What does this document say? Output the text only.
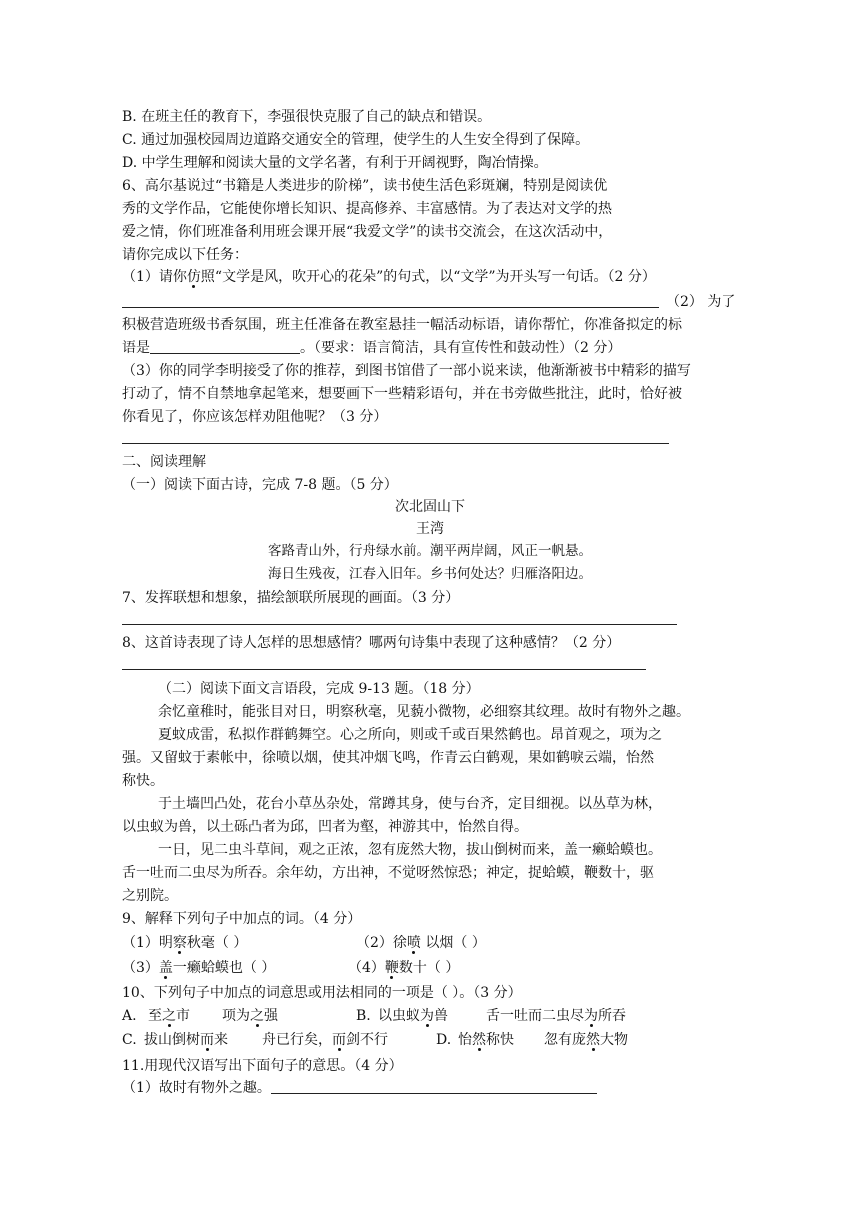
B. 在班主任的教育下，李强很快克服了自己的缺点和错误。
C. 通过加强校园周边道路交通安全的管理，使学生的人生安全得到了保障。
D. 中学生理解和阅读大量的文学名著，有利于开阔视野，陶冶情操。
6、高尔基说过“书籍是人类进步的阶梯”，读书使生活色彩斑斓，特别是阅读优
秀的文学作品，它能使你增长知识、提高修养、丰富感情。为了表达对文学的热
爱之情，你们班准备利用班会课开展“我爱文学”的读书交流会，在这次活动中，
请你完成以下任务：
（1）请你仿照“文学是风，吹开心的花朵”的句式，以“文学”为开头写一句话。（2 分）
（2） 为了
积极营造班级书香氛围，班主任准备在教室悬挂一幅活动标语，请你帮忙，你准备拟定的标
语是	。（要求：语言简洁，具有宣传性和鼓动性）（2 分）
（3）你的同学李明接受了你的推荐，到图书馆借了一部小说来读，他渐渐被书中精彩的描写
打动了，情不自禁地拿起笔来，想要画下一些精彩语句，并在书旁做些批注，此时，恰好被
你看见了，你应该怎样劝阻他呢？（3 分）
二、阅读理解
（一）阅读下面古诗，完成 7-8 题。（5 分）
次北固山下
王湾
客路青山外，行舟绿水前。潮平两岸阔，风正一帆悬。
海日生残夜，江春入旧年。乡书何处达？归雁洛阳边。
7、发挥联想和想象，描绘颔联所展现的画面。（3 分）
8、这首诗表现了诗人怎样的思想感情？哪两句诗集中表现了这种感情？（2 分）
（二）阅读下面文言语段，完成 9-13 题。（18 分）
余忆童稚时，能张目对日，明察秋毫，见藐小微物，必细察其纹理。故时有物外之趣。
夏蚊成雷，私拟作群鹤舞空。心之所向，则或千或百果然鹤也。昂首观之，项为之
强。又留蚊于素帐中，徐喷以烟，使其冲烟飞鸣，作青云白鹤观，果如鹤唳云端，怡然
称快。
于土墙凹凸处，花台小草丛杂处，常蹲其身，使与台齐，定目细视。以丛草为林，
以虫蚁为兽，以土砾凸者为邱，凹者为壑，神游其中，怡然自得。
一日，见二虫斗草间，观之正浓，忽有庞然大物，拔山倒树而来，盖一癞蛤蟆也。
舌一吐而二虫尽为所吞。余年幼，方出神，不觉呀然惊恐；神定，捉蛤蟆，鞭数十，驱
之别院。
9、解释下列句子中加点的词。（4 分）
（1）明察秋毫（ ）	（2）徐喷 以烟（ ）
（3）盖一癞蛤蟆也（ ）	（4）鞭数十（ ）
10、下列句子中加点的词意思或用法相同的一项是（ ）。（3 分）
A. 至之市 项为之强	B. 以虫蚁为兽	舌一吐而二虫尽为所吞
C. 拔山倒树而来 舟已行矣，而剑不行	D. 怡然称快 忽有庞然大物
11.用现代汉语写出下面句子的意思。（4 分）
（1）故时有物外之趣。
